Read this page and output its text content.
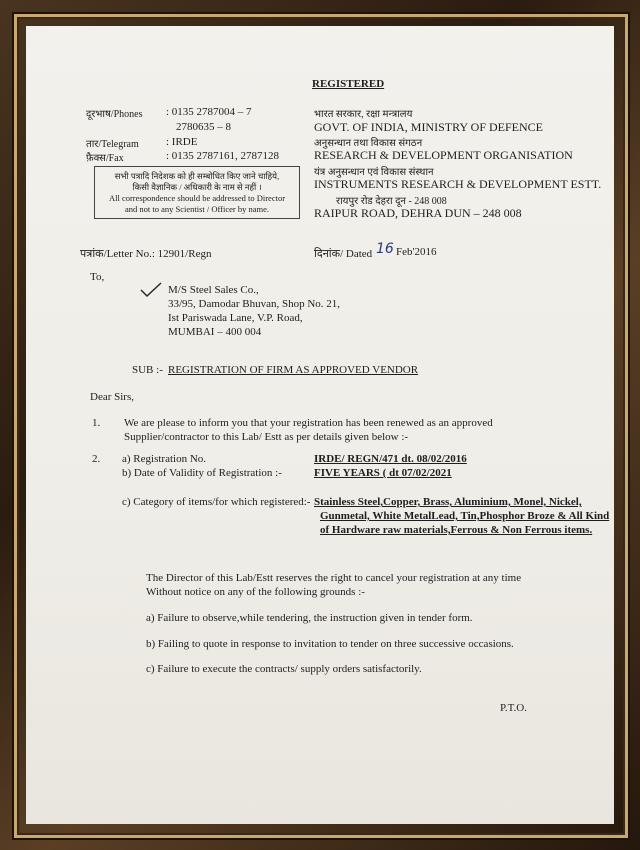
REGISTERED
दूरभाष/Phones : 0135 2787004 – 7
2780635 – 8
तार/Telegram : IRDE
फ़ैक्स/Fax	: 0135 2787161, 2787128
सभी पत्रादि निदेशक को ही सम्बोधित किए जाने चाहिये,
किसी वैज्ञानिक / अधिकारी के नाम से नहीं ।
All correspondence should be addressed to Director
and not to any Scientist / Officer by name.
भारत सरकार, रक्षा मन्त्रालय
GOVT. OF INDIA, MINISTRY OF DEFENCE
अनुसन्धान तथा विकास संगठन
RESEARCH & DEVELOPMENT ORGANISATION
यंत्र अनुसन्धान एवं विकास संस्थान
INSTRUMENTS RESEARCH & DEVELOPMENT ESTT.
रायपुर रोड देहरा दून - 248 008
RAIPUR ROAD, DEHRA DUN – 248 008
पत्रांक/Letter No.: 12901/Regn	दिनांक/ Dated 16 Feb'2016
To,
M/S Steel Sales Co.,
33/95, Damodar Bhuvan, Shop No. 21,
Ist Pariswada Lane, V.P. Road,
MUMBAI – 400 004
SUB :- REGISTRATION OF FIRM AS APPROVED VENDOR
Dear Sirs,
1. We are please to inform you that your registration has been renewed as an approved
Supplier/contractor to this Lab/ Estt as per details given below :-
2. a) Registration No.	IRDE/ REGN/471 dt. 08/02/2016
b) Date of Validity of Registration :-	FIVE YEARS ( dt 07/02/2021
c) Category of items/for which registered:- Stainless Steel,Copper, Brass, Aluminium, Monel, Nickel,
Gunmetal, White MetalLead, Tin,Phosphor Broze & All Kind
of Hardware raw materials,Ferrous & Non Ferrous items.
The Director of this Lab/Estt reserves the right to cancel your registration at any time
Without notice on any of the following grounds :-
a) Failure to observe,while tendering, the instruction given in tender form.
b) Failing to quote in response to invitation to tender on three successive occasions.
c) Failure to execute the contracts/ supply orders satisfactorily.
P.T.O.
